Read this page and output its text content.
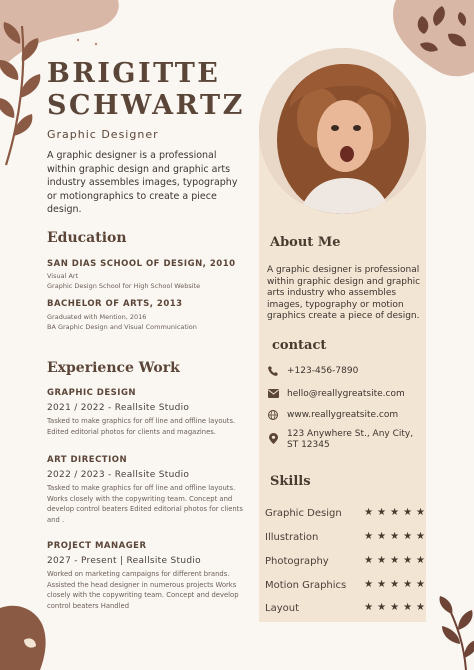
BRIGITTE
SCHWARTZ
Graphic Designer
A graphic designer is a professional within graphic design and graphic arts industry assembles images, typography or motiongraphics to create a piece design.
Education
SAN DIAS SCHOOL OF DESIGN, 2010
Visual Art
Graphic Design School for High School Website
BACHELOR OF ARTS, 2013
Graduated with Mention, 2016
BA Graphic Design and Visual Communication
Experience Work
GRAPHIC DESIGN
2021 / 2022 - Reallsite Studio
Tasked to make graphics for off line and offline layouts. Edited editorial photos for clients and magazines.
ART DIRECTION
2022 / 2023 - Reallsite Studio
Tasked to make graphics for off line and offline layouts. Works closely with the copywriting team. Concept and develop control beaters Edited editorial photos for clients and .
PROJECT MANAGER
2027 - Present | Reallsite Studio
Worked on marketing campaigns for different brands. Assisted the head designer in numerous projects Works closely with the copywriting team. Concept and develop control beaters Handled
About Me
A graphic designer is professional within graphic design and graphic arts industry who assembles images, typography or motion graphics create a piece of design.
contact
+123-456-7890
hello@reallygreatsite.com
www.reallygreatsite.com
123 Anywhere St., Any City, ST 12345
Skills
Graphic Design ★ ★ ★ ★ ★
Illustration	★ ★ ★ ★ ★
Photography	★ ★ ★ ★ ★
Motion Graphics ★ ★ ★ ★ ★
Layout	★ ★ ★ ★ ★
